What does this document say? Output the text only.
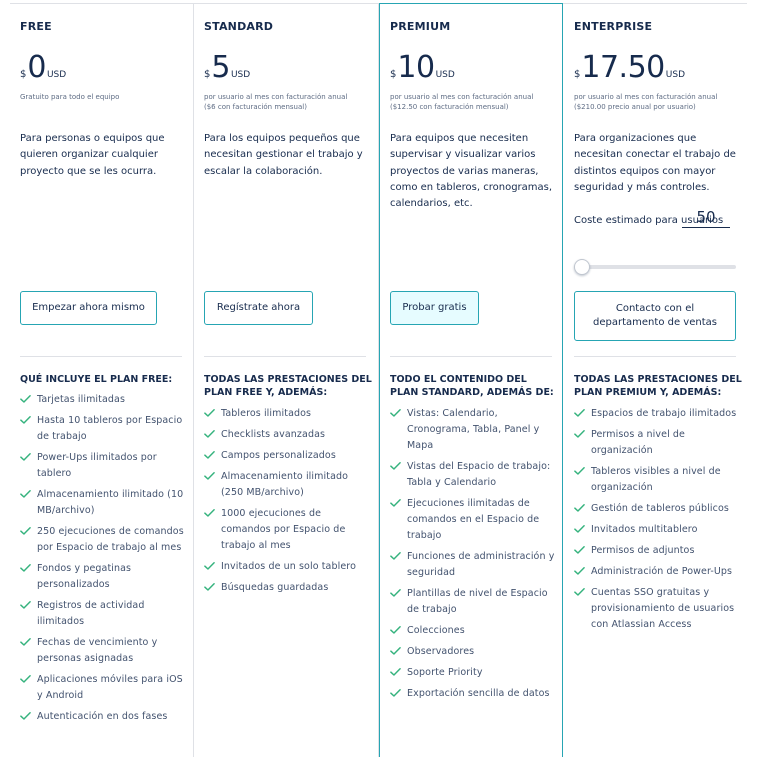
FREE
$ 0 USD
Gratuito para todo el equipo
Para personas o equipos que quieren organizar cualquier proyecto que se les ocurra.
Empezar ahora mismo
QUÉ INCLUYE EL PLAN FREE:
Tarjetas ilimitadas
Hasta 10 tableros por Espacio de trabajo
Power-Ups ilimitados por tablero
Almacenamiento ilimitado (10 MB/archivo)
250 ejecuciones de comandos por Espacio de trabajo al mes
Fondos y pegatinas personalizados
Registros de actividad ilimitados
Fechas de vencimiento y personas asignadas
Aplicaciones móviles para iOS y Android
Autenticación en dos fases
STANDARD
$ 5 USD
por usuario al mes con facturación anual
($6 con facturación mensual)
Para los equipos pequeños que necesitan gestionar el trabajo y escalar la colaboración.
Regístrate ahora
TODAS LAS PRESTACIONES DEL PLAN FREE Y, ADEMÁS:
Tableros ilimitados
Checklists avanzadas
Campos personalizados
Almacenamiento ilimitado (250 MB/archivo)
1000 ejecuciones de comandos por Espacio de trabajo al mes
Invitados de un solo tablero
Búsquedas guardadas
PREMIUM
$ 10 USD
por usuario al mes con facturación anual
($12.50 con facturación mensual)
Para equipos que necesiten supervisar y visualizar varios proyectos de varias maneras, como en tableros, cronogramas, calendarios, etc.
Probar gratis
TODO EL CONTENIDO DEL PLAN STANDARD, ADEMÁS DE:
Vistas: Calendario, Cronograma, Tabla, Panel y Mapa
Vistas del Espacio de trabajo: Tabla y Calendario
Ejecuciones ilimitadas de comandos en el Espacio de trabajo
Funciones de administración y seguridad
Plantillas de nivel de Espacio de trabajo
Colecciones
Observadores
Soporte Priority
Exportación sencilla de datos
ENTERPRISE
$ 17.50 USD
por usuario al mes con facturación anual
($210.00 precio anual por usuario)
Para organizaciones que necesitan conectar el trabajo de distintos equipos con mayor seguridad y más controles.
Coste estimado para usuarios
50
Contacto con el departamento de ventas
TODAS LAS PRESTACIONES DEL PLAN PREMIUM Y, ADEMÁS:
Espacios de trabajo ilimitados
Permisos a nivel de organización
Tableros visibles a nivel de organización
Gestión de tableros públicos
Invitados multitablero
Permisos de adjuntos
Administración de Power-Ups
Cuentas SSO gratuitas y provisionamiento de usuarios con Atlassian Access
